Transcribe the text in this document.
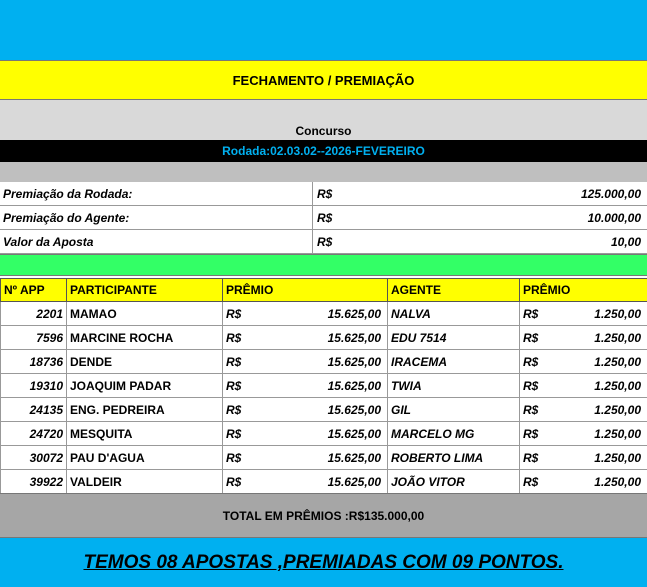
FECHAMENTO / PREMIAÇÃO
Concurso
Rodada:02.03.02--2026-FEVEREIRO
Premiação da Rodada:	R$	125.000,00
Premiação do Agente:	R$	10.000,00
Valor da Aposta	R$	10,00
Nº APP	PARTICIPANTE	PRÊMIO		AGENTE	PRÊMIO	
2201	MAMAO	R$	15.625,00	NALVA	R$	1.250,00
7596	MARCINE ROCHA	R$	15.625,00	EDU 7514	R$	1.250,00
18736	DENDE	R$	15.625,00	IRACEMA	R$	1.250,00
19310	JOAQUIM PADAR	R$	15.625,00	TWIA	R$	1.250,00
24135	ENG. PEDREIRA	R$	15.625,00	GIL	R$	1.250,00
24720	MESQUITA	R$	15.625,00	MARCELO MG	R$	1.250,00
30072	PAU D'AGUA	R$	15.625,00	ROBERTO LIMA	R$	1.250,00
39922	VALDEIR	R$	15.625,00	JOÃO VITOR	R$	1.250,00
TOTAL EM PRÊMIOS :R$135.000,00
TEMOS 08 APOSTAS ,PREMIADAS COM 09 PONTOS.
